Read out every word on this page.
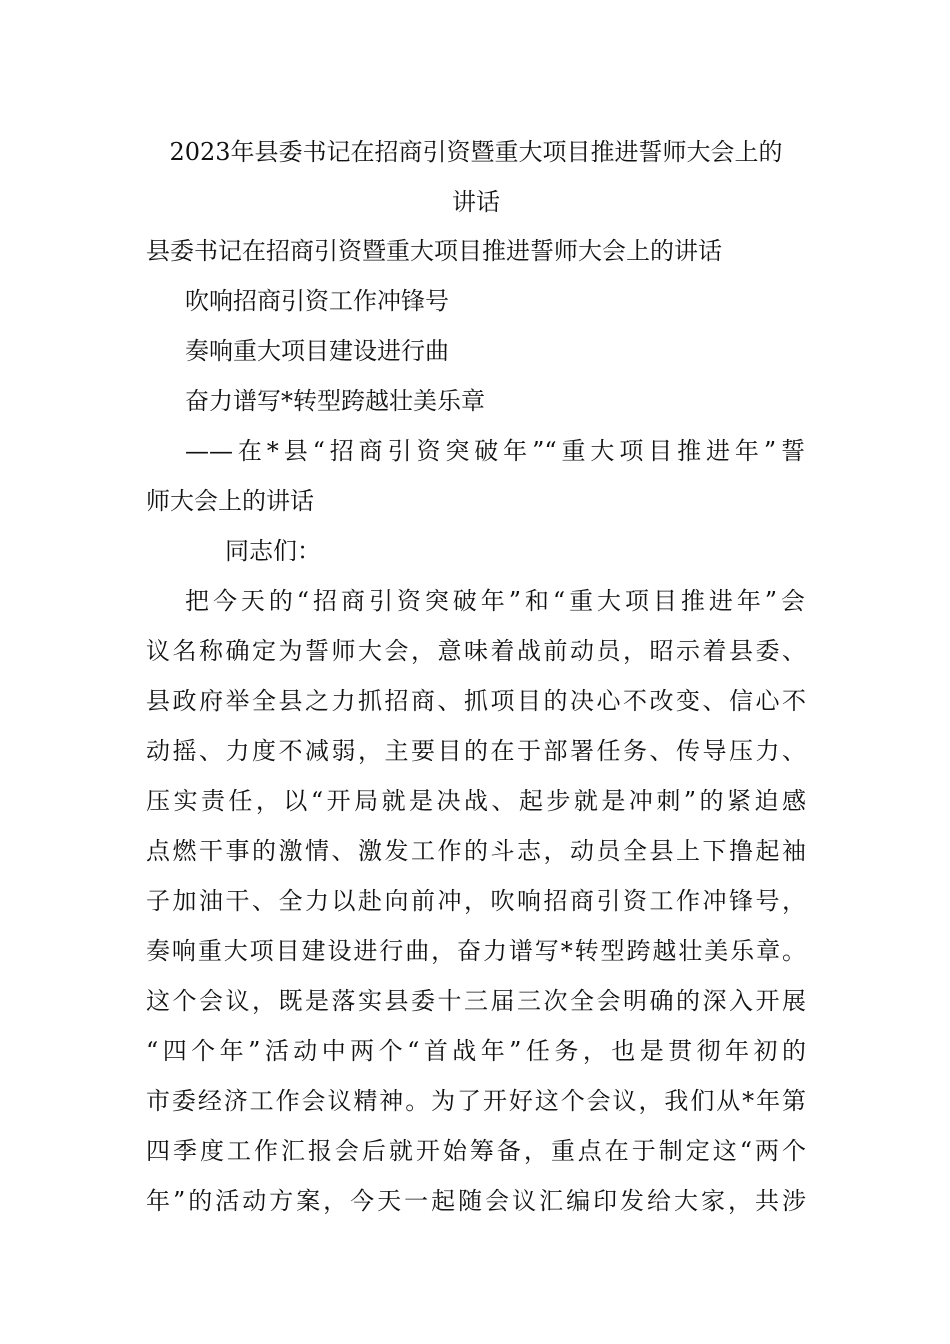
2023年县委书记在招商引资暨重大项目推进誓师大会上的
讲话
县委书记在招商引资暨重大项目推进誓师大会上的讲话
吹响招商引资工作冲锋号
奏响重大项目建设进行曲
奋力谱写*转型跨越壮美乐章
——在*县“招商引资突破年”“重大项目推进年”誓
师大会上的讲话
同志们：
把今天的“招商引资突破年”和“重大项目推进年”会
议名称确定为誓师大会，意味着战前动员，昭示着县委、
县政府举全县之力抓招商、抓项目的决心不改变、信心不
动摇、力度不减弱，主要目的在于部署任务、传导压力、
压实责任，以“开局就是决战、起步就是冲刺”的紧迫感
点燃干事的激情、激发工作的斗志，动员全县上下撸起袖
子加油干、全力以赴向前冲，吹响招商引资工作冲锋号，
奏响重大项目建设进行曲，奋力谱写*转型跨越壮美乐章。
这个会议，既是落实县委十三届三次全会明确的深入开展
“四个年”活动中两个“首战年”任务，也是贯彻年初的
市委经济工作会议精神。为了开好这个会议，我们从*年第
四季度工作汇报会后就开始筹备，重点在于制定这“两个
年”的活动方案，今天一起随会议汇编印发给大家，共涉
